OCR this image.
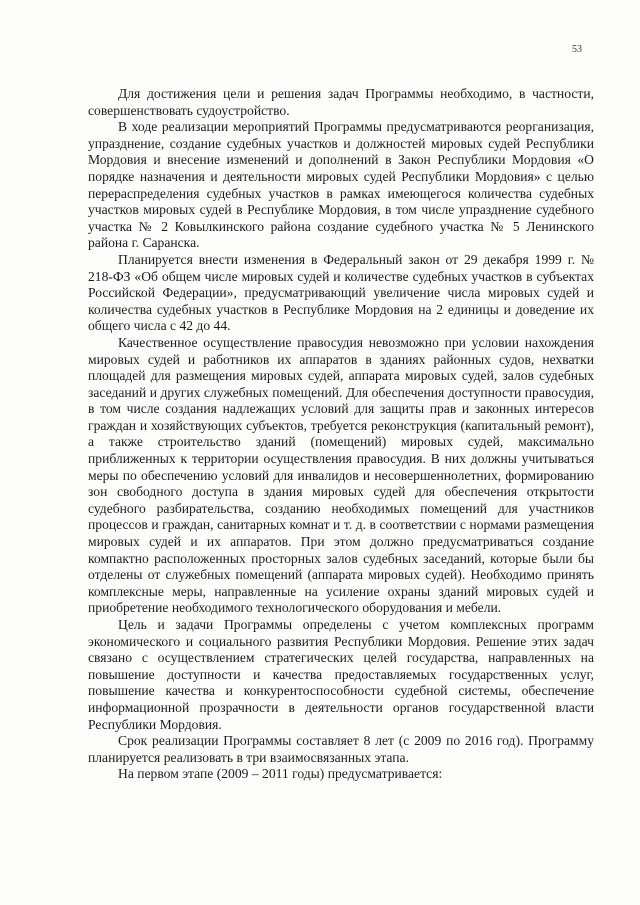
53

Для достижения цели и решения задач Программы необходимо, в частности, совершенствовать судоустройство.

В ходе реализации мероприятий Программы предусматриваются реорганизация, упразднение, создание судебных участков и должностей мировых судей Республики Мордовия и внесение изменений и дополнений в Закон Республики Мордовия «О порядке назначения и деятельности мировых судей Республики Мордовия» с целью перераспределения судебных участков в рамках имеющегося количества судебных участков мировых судей в Республике Мордовия, в том числе упразднение судебного участка № 2 Ковылкинского района создание судебного участка № 5 Ленинского района г. Саранска.

Планируется внести изменения в Федеральный закон от 29 декабря 1999 г. № 218-ФЗ «Об общем числе мировых судей и количестве судебных участков в субъектах Российской Федерации», предусматривающий увеличение числа мировых судей и количества судебных участков в Республике Мордовия на 2 единицы и доведение их общего числа с 42 до 44.

Качественное осуществление правосудия невозможно при условии нахождения мировых судей и работников их аппаратов в зданиях районных судов, нехватки площадей для размещения мировых судей, аппарата мировых судей, залов судебных заседаний и других служебных помещений. Для обеспечения доступности правосудия, в том числе создания надлежащих условий для защиты прав и законных интересов граждан и хозяйствующих субъектов, требуется реконструкция (капитальный ремонт), а также строительство зданий (помещений) мировых судей, максимально приближенных к территории осуществления правосудия. В них должны учитываться меры по обеспечению условий для инвалидов и несовершеннолетних, формированию зон свободного доступа в здания мировых судей для обеспечения открытости судебного разбирательства, созданию необходимых помещений для участников процессов и граждан, санитарных комнат и т. д. в соответствии с нормами размещения мировых судей и их аппаратов. При этом должно предусматриваться создание компактно расположенных просторных залов судебных заседаний, которые были бы отделены от служебных помещений (аппарата мировых судей). Необходимо принять комплексные меры, направленные на усиление охраны зданий мировых судей и приобретение необходимого технологического оборудования и мебели.

Цель и задачи Программы определены с учетом комплексных программ экономического и социального развития Республики Мордовия. Решение этих задач связано с осуществлением стратегических целей государства, направленных на повышение доступности и качества предоставляемых государственных услуг, повышение качества и конкурентоспособности судебной системы, обеспечение информационной прозрачности в деятельности органов государственной власти Республики Мордовия.

Срок реализации Программы составляет 8 лет (с 2009 по 2016 год). Программу планируется реализовать в три взаимосвязанных этапа.

На первом этапе (2009 – 2011 годы) предусматривается:
